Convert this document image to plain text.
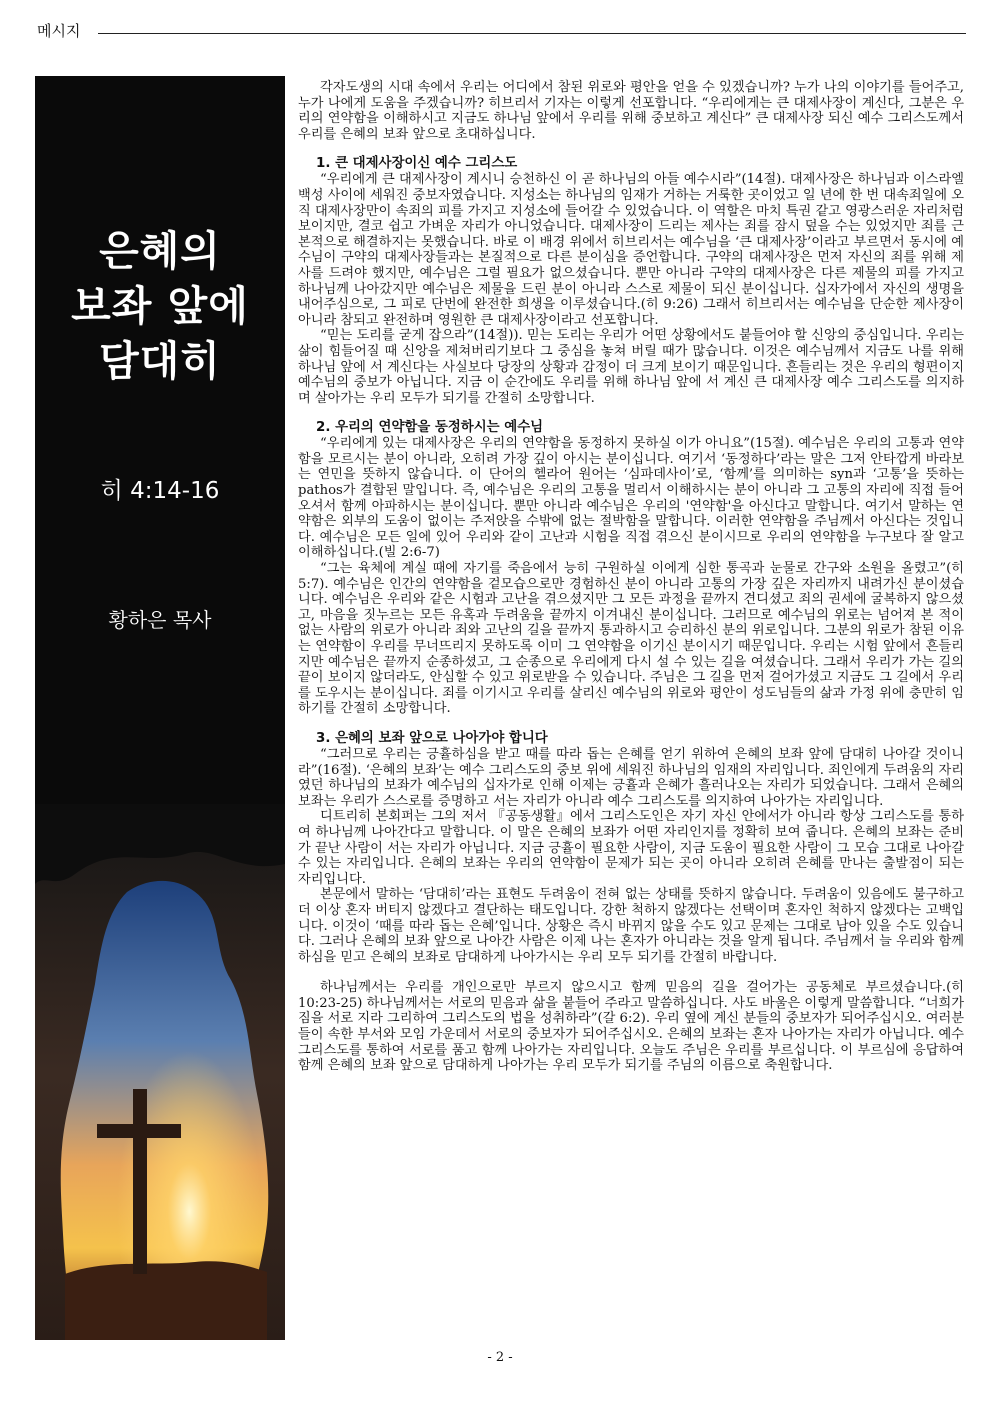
메시지
은혜의
보좌 앞에
담대히
히 4:14-16
황하은 목사

각자도생의 시대 속에서 우리는 어디에서 참된 위로와 평안을 얻을 수 있겠습니까? 누가 나의 이야기를 들어주고, 누가 나에게 도움을 주겠습니까? 히브리서 기자는 이렇게 선포합니다. “우리에게는 큰 대제사장이 계신다, 그분은 우리의 연약함을 이해하시고 지금도 하나님 앞에서 우리를 위해 중보하고 계신다” 큰 대제사장 되신 예수 그리스도께서 우리를 은혜의 보좌 앞으로 초대하십니다.

1. 큰 대제사장이신 예수 그리스도

“우리에게 큰 대제사장이 계시니 승천하신 이 곧 하나님의 아들 예수시라”(14절). 대제사장은 하나님과 이스라엘 백성 사이에 세워진 중보자였습니다. 지성소는 하나님의 임재가 거하는 거룩한 곳이었고 일 년에 한 번 대속죄일에 오직 대제사장만이 속죄의 피를 가지고 지성소에 들어갈 수 있었습니다. 이 역할은 마치 특권 같고 영광스러운 자리처럼 보이지만, 결코 쉽고 가벼운 자리가 아니었습니다. 대제사장이 드리는 제사는 죄를 잠시 덮을 수는 있었지만 죄를 근본적으로 해결하지는 못했습니다. 바로 이 배경 위에서 히브리서는 예수님을 ‘큰 대제사장’이라고 부르면서 동시에 예수님이 구약의 대제사장들과는 본질적으로 다른 분이심을 증언합니다. 구약의 대제사장은 먼저 자신의 죄를 위해 제사를 드려야 했지만, 예수님은 그럴 필요가 없으셨습니다. 뿐만 아니라 구약의 대제사장은 다른 제물의 피를 가지고 하나님께 나아갔지만 예수님은 제물을 드린 분이 아니라 스스로 제물이 되신 분이십니다. 십자가에서 자신의 생명을 내어주심으로, 그 피로 단번에 완전한 희생을 이루셨습니다.(히 9:26) 그래서 히브리서는 예수님을 단순한 제사장이 아니라 참되고 완전하며 영원한 큰 대제사장이라고 선포합니다.

“믿는 도리를 굳게 잡으라”(14절)). 믿는 도리는 우리가 어떤 상황에서도 붙들어야 할 신앙의 중심입니다. 우리는 삶이 힘들어질 때 신앙을 제쳐버리기보다 그 중심을 놓쳐 버릴 때가 많습니다. 이것은 예수님께서 지금도 나를 위해 하나님 앞에 서 계신다는 사실보다 당장의 상황과 감정이 더 크게 보이기 때문입니다. 흔들리는 것은 우리의 형편이지 예수님의 중보가 아닙니다. 지금 이 순간에도 우리를 위해 하나님 앞에 서 계신 큰 대제사장 예수 그리스도를 의지하며 살아가는 우리 모두가 되기를 간절히 소망합니다.

2. 우리의 연약함을 동정하시는 예수님

“우리에게 있는 대제사장은 우리의 연약함을 동정하지 못하실 이가 아니요”(15절). 예수님은 우리의 고통과 연약함을 모르시는 분이 아니라, 오히려 가장 깊이 아시는 분이십니다. 여기서 ‘동정하다’라는 말은 그저 안타깝게 바라보는 연민을 뜻하지 않습니다. 이 단어의 헬라어 원어는 ‘심파데사이’로, ‘함께’를 의미하는 syn과 ‘고통’을 뜻하는 pathos가 결합된 말입니다. 즉, 예수님은 우리의 고통을 멀리서 이해하시는 분이 아니라 그 고통의 자리에 직접 들어오셔서 함께 아파하시는 분이십니다. 뿐만 아니라 예수님은 우리의 '연약함'을 아신다고 말합니다. 여기서 말하는 연약함은 외부의 도움이 없이는 주저앉을 수밖에 없는 절박함을 말합니다. 이러한 연약함을 주님께서 아신다는 것입니다. 예수님은 모든 일에 있어 우리와 같이 고난과 시험을 직접 겪으신 분이시므로 우리의 연약함을 누구보다 잘 알고 이해하십니다.(빌 2:6-7)

“그는 육체에 계실 때에 자기를 죽음에서 능히 구원하실 이에게 심한 통곡과 눈물로 간구와 소원을 올렸고”(히 5:7). 예수님은 인간의 연약함을 겉모습으로만 경험하신 분이 아니라 고통의 가장 깊은 자리까지 내려가신 분이셨습니다. 예수님은 우리와 같은 시험과 고난을 겪으셨지만 그 모든 과정을 끝까지 견디셨고 죄의 권세에 굴복하지 않으셨고, 마음을 짓누르는 모든 유혹과 두려움을 끝까지 이겨내신 분이십니다. 그러므로 예수님의 위로는 넘어져 본 적이 없는 사람의 위로가 아니라 죄와 고난의 길을 끝까지 통과하시고 승리하신 분의 위로입니다. 그분의 위로가 참된 이유는 연약함이 우리를 무너뜨리지 못하도록 이미 그 연약함을 이기신 분이시기 때문입니다. 우리는 시험 앞에서 흔들리지만 예수님은 끝까지 순종하셨고, 그 순종으로 우리에게 다시 설 수 있는 길을 여셨습니다. 그래서 우리가 가는 길의 끝이 보이지 않더라도, 안심할 수 있고 위로받을 수 있습니다. 주님은 그 길을 먼저 걸어가셨고 지금도 그 길에서 우리를 도우시는 분이십니다. 죄를 이기시고 우리를 살리신 예수님의 위로와 평안이 성도님들의 삶과 가정 위에 충만히 임하기를 간절히 소망합니다.

3. 은혜의 보좌 앞으로 나아가야 합니다

“그러므로 우리는 긍휼하심을 받고 때를 따라 돕는 은혜를 얻기 위하여 은혜의 보좌 앞에 담대히 나아갈 것이니라”(16절). ‘은혜의 보좌’는 예수 그리스도의 중보 위에 세워진 하나님의 임재의 자리입니다. 죄인에게 두려움의 자리였던 하나님의 보좌가 예수님의 십자가로 인해 이제는 긍휼과 은혜가 흘러나오는 자리가 되었습니다. 그래서 은혜의 보좌는 우리가 스스로를 증명하고 서는 자리가 아니라 예수 그리스도를 의지하여 나아가는 자리입니다.

디트리히 본회퍼는 그의 저서 『공동생활』에서 그리스도인은 자기 자신 안에서가 아니라 항상 그리스도를 통하여 하나님께 나아간다고 말합니다. 이 말은 은혜의 보좌가 어떤 자리인지를 정확히 보여 줍니다. 은혜의 보좌는 준비가 끝난 사람이 서는 자리가 아닙니다. 지금 긍휼이 필요한 사람이, 지금 도움이 필요한 사람이 그 모습 그대로 나아갈 수 있는 자리입니다. 은혜의 보좌는 우리의 연약함이 문제가 되는 곳이 아니라 오히려 은혜를 만나는 출발점이 되는 자리입니다.

본문에서 말하는 ‘담대히’라는 표현도 두려움이 전혀 없는 상태를 뜻하지 않습니다. 두려움이 있음에도 불구하고 더 이상 혼자 버티지 않겠다고 결단하는 태도입니다. 강한 척하지 않겠다는 선택이며 혼자인 척하지 않겠다는 고백입니다. 이것이 ‘때를 따라 돕는 은혜’입니다. 상황은 즉시 바뀌지 않을 수도 있고 문제는 그대로 남아 있을 수도 있습니다. 그러나 은혜의 보좌 앞으로 나아간 사람은 이제 나는 혼자가 아니라는 것을 알게 됩니다. 주님께서 늘 우리와 함께 하심을 믿고 은혜의 보좌로 담대하게 나아가시는 우리 모두 되기를 간절히 바랍니다.

하나님께서는 우리를 개인으로만 부르지 않으시고 함께 믿음의 길을 걸어가는 공동체로 부르셨습니다.(히 10:23-25) 하나님께서는 서로의 믿음과 삶을 붙들어 주라고 말씀하십니다. 사도 바울은 이렇게 말씀합니다. “너희가 짐을 서로 지라 그리하여 그리스도의 법을 성취하라”(갈 6:2). 우리 옆에 계신 분들의 중보자가 되어주십시오. 여러분들이 속한 부서와 모임 가운데서 서로의 중보자가 되어주십시오. 은혜의 보좌는 혼자 나아가는 자리가 아닙니다. 예수 그리스도를 통하여 서로를 품고 함께 나아가는 자리입니다. 오늘도 주님은 우리를 부르십니다. 이 부르심에 응답하여 함께 은혜의 보좌 앞으로 담대하게 나아가는 우리 모두가 되기를 주님의 이름으로 축원합니다.

- 2 -
